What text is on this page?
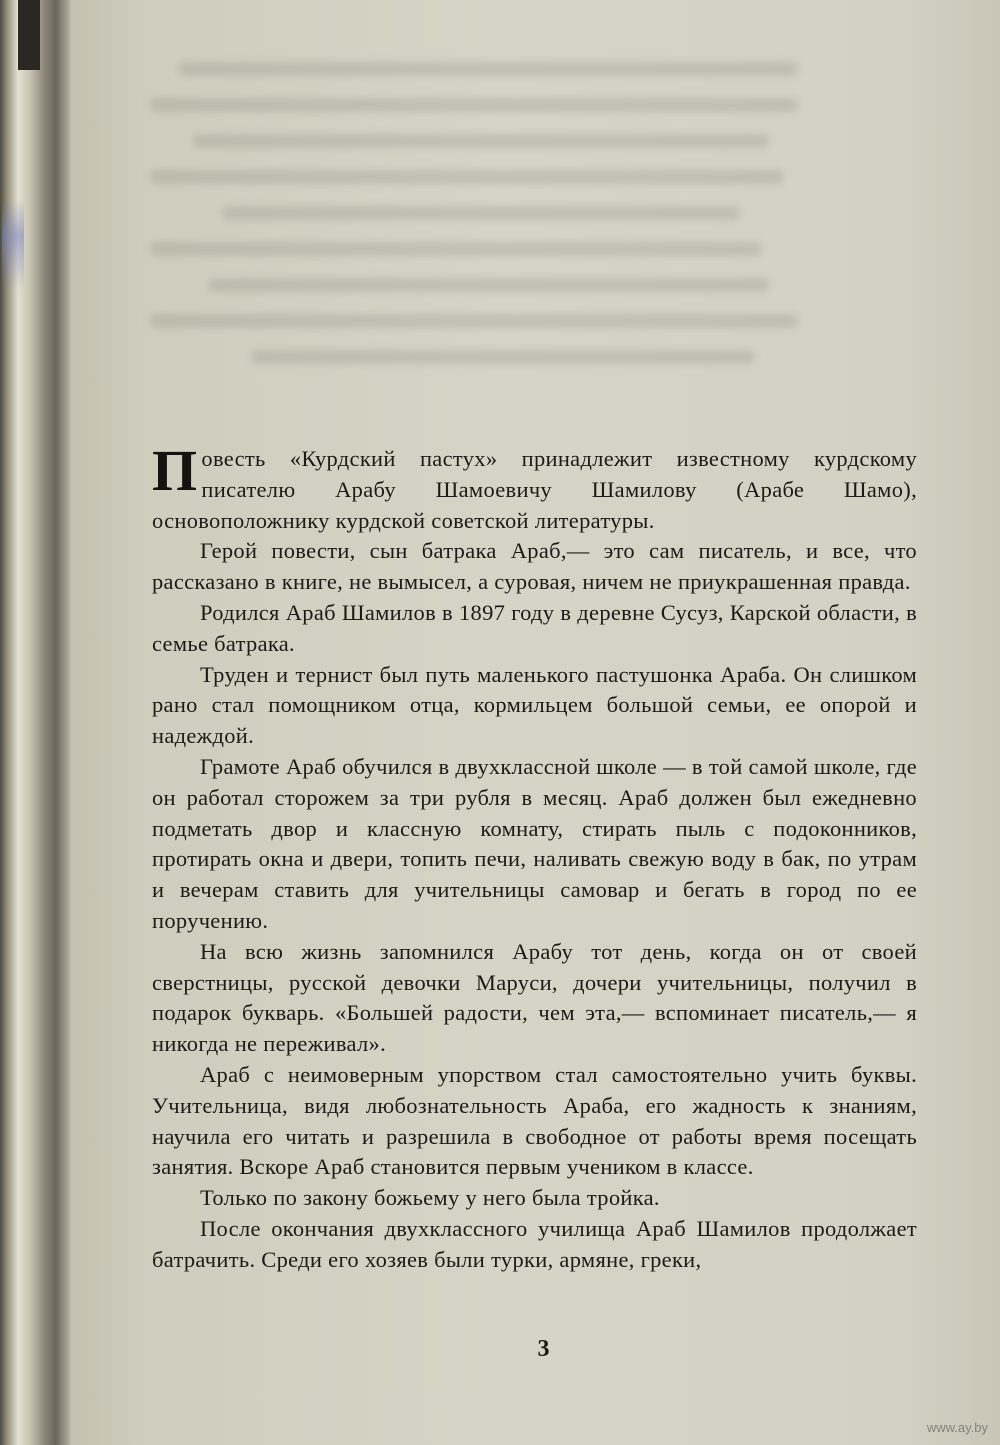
Повесть «Курдский пастух» принадлежит известному курдскому писателю Арабу Шамоевичу Шамилову (Арабе Шамо), основоположнику курдской советской литературы.

Герой повести, сын батрака Араб,— это сам писатель, и все, что рассказано в книге, не вымысел, а суровая, ничем не приукрашенная правда.

Родился Араб Шамилов в 1897 году в деревне Сусуз, Карской области, в семье батрака.

Труден и тернист был путь маленького пастушонка Араба. Он слишком рано стал помощником отца, кормильцем большой семьи, ее опорой и надеждой.

Грамоте Араб обучился в двухклассной школе — в той самой школе, где он работал сторожем за три рубля в месяц. Араб должен был ежедневно подметать двор и классную комнату, стирать пыль с подоконников, протирать окна и двери, топить печи, наливать свежую воду в бак, по утрам и вечерам ставить для учительницы самовар и бегать в город по ее поручению.

На всю жизнь запомнился Арабу тот день, когда он от своей сверстницы, русской девочки Маруси, дочери учительницы, получил в подарок букварь. «Большей радости, чем эта,— вспоминает писатель,— я никогда не переживал».

Араб с неимоверным упорством стал самостоятельно учить буквы. Учительница, видя любознательность Араба, его жадность к знаниям, научила его читать и разрешила в свободное от работы время посещать занятия. Вскоре Араб становится первым учеником в классе.

Только по закону божьему у него была тройка.

После окончания двухклассного училища Араб Шамилов продолжает батрачить. Среди его хозяев были турки, армяне, греки,

3
www.ay.by
